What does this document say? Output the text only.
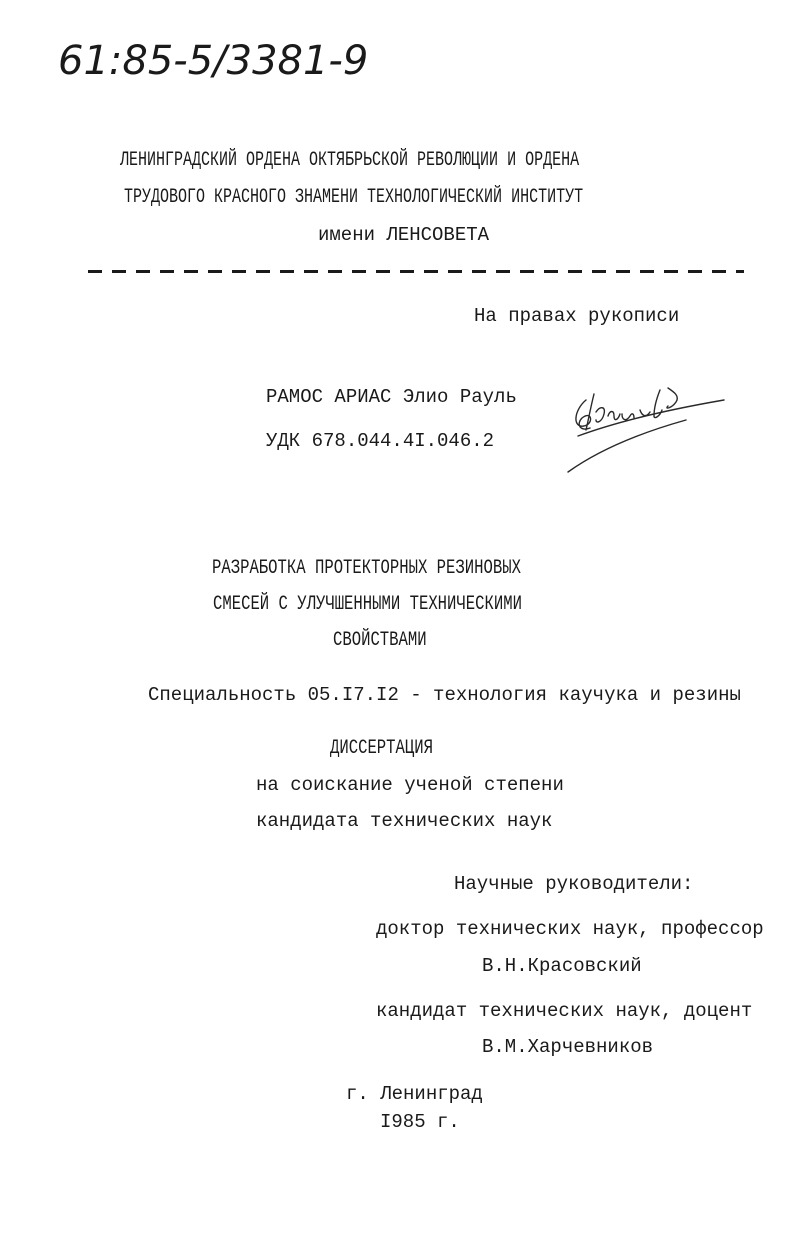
61:85-5/3381-9
ЛЕНИНГРАДСКИЙ ОРДЕНА ОКТЯБРЬСКОЙ РЕВОЛЮЦИИ И ОРДЕНА
ТРУДОВОГО КРАСНОГО ЗНАМЕНИ ТЕХНОЛОГИЧЕСКИЙ ИНСТИТУТ
имени ЛЕНСОВЕТА
На правах рукописи
РАМОС АРИАС Элио Рауль
УДК 678.044.4I.046.2
РАЗРАБОТКА ПРОТЕКТОРНЫХ РЕЗИНОВЫХ
СМЕСЕЙ С УЛУЧШЕННЫМИ ТЕХНИЧЕСКИМИ
СВОЙСТВАМИ
Специальность 05.I7.I2 - технология каучука и резины
ДИССЕРТАЦИЯ
на соискание ученой степени
кандидата технических наук
Научные руководители:
доктор технических наук, профессор
В.Н.Красовский
кандидат технических наук, доцент
В.М.Харчевников
г. Ленинград
I985 г.
